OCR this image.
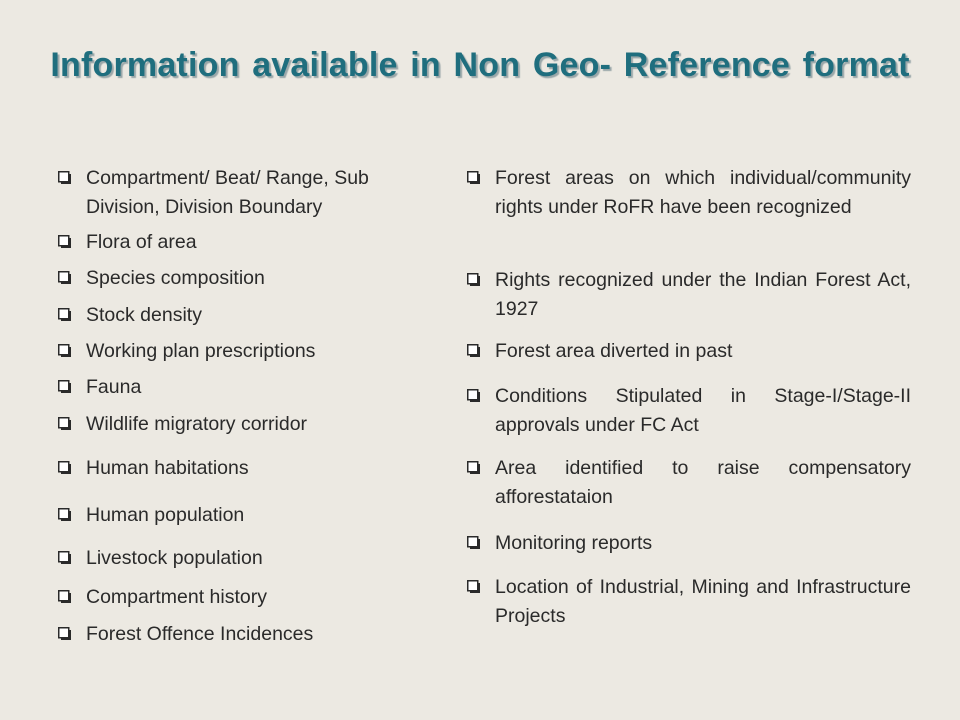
Information available in Non Geo- Reference format
Compartment/ Beat/ Range, Sub Division, Division Boundary
Flora of area
Species composition
Stock density
Working plan prescriptions
Fauna
Wildlife migratory corridor
Human habitations
Human population
Livestock population
Compartment history
Forest Offence Incidences
Forest areas on which individual/community rights under RoFR have been recognized
Rights recognized under the Indian Forest Act, 1927
Forest area diverted in past
Conditions Stipulated in Stage-I/Stage-II approvals under FC Act
Area identified to raise compensatory afforestataion
Monitoring reports
Location of Industrial, Mining and Infrastructure Projects
